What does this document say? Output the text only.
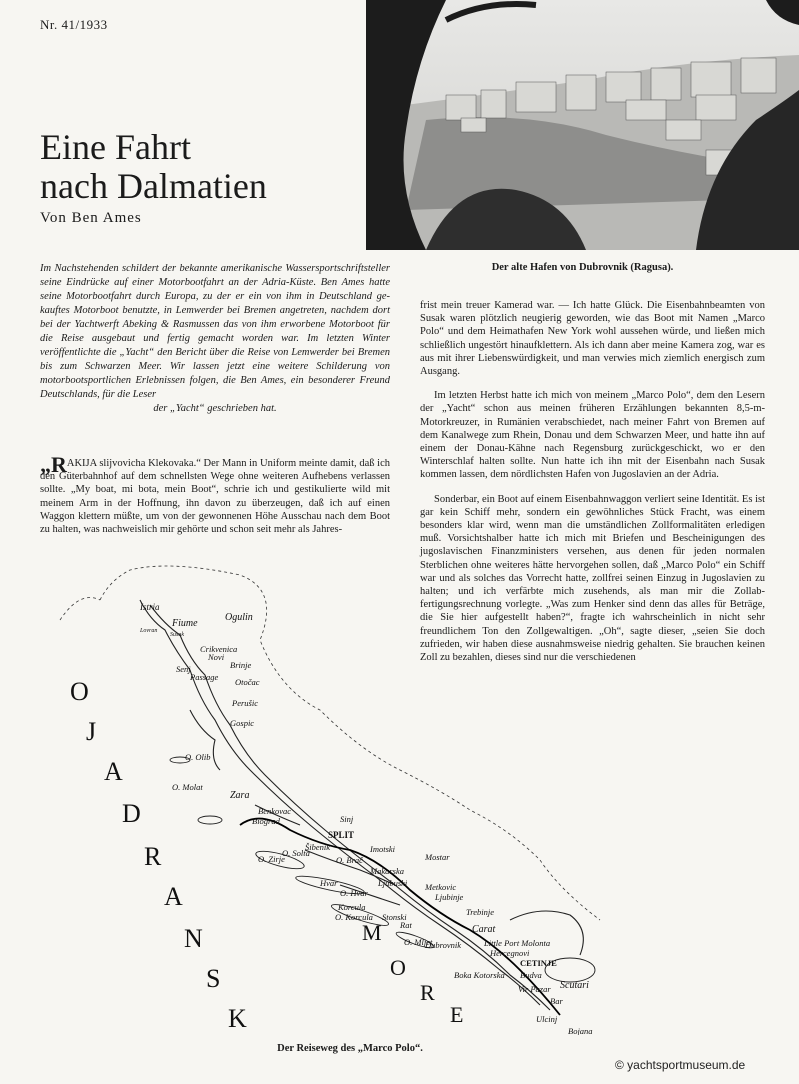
Nr. 41/1933
Eine Fahrt
nach Dalmatien
Von Ben Ames
Der alte Hafen von Dubrovnik (Ragusa).
Im Nachstehenden schildert der bekannte amerikanische Wassersportschriftsteller seine Eindrücke auf einer Motorbootfahrt an der Adria-Küste. Ben Ames hatte seine Motorbootfahrt durch Europa, zu der er ein von ihm in Deutschland gekauftes Motorboot benutzte, in Lemwerder bei Bremen angetreten, nachdem dort bei der Yachtwerft Abeking & Rasmussen das von ihm erworbene Motorboot für die Reise ausgebaut und fertig gemacht worden war. Im letzten Winter veröffentlichte die „Yacht“ den Bericht über die Reise von Lemwerder bei Bremen bis zum Schwarzen Meer. Wir lassen jetzt eine weitere Schilderung von motorbootsportlichen Erlebnissen folgen, die Ben Ames, ein besonderer Freund Deutschlands, für die Leser
der „Yacht“ geschrieben hat.
„RAKIJA slijvovicha Klekovaka.“ Der Mann in Uniform meinte damit, daß ich den Güterbahnhof auf dem schnellsten Wege ohne weiteren Aufhebens verlassen sollte. „My boat, mi bota, mein Boot“, schrie ich und gestikulierte wild mit meinem Arm in der Hoffnung, ihn davon zu überzeugen, daß ich auf einen Waggon klettern müßte, um von der gewonnenen Höhe Ausschau nach dem Boot zu halten, was nachweislich mir gehörte und schon seit mehr als Jahres-

frist mein treuer Kamerad war. — Ich hatte Glück. Die Eisenbahnbeamten von Susak waren plötzlich neugierig geworden, wie das Boot mit Namen „Marco Polo“ und dem Heimathafen New York wohl aussehen würde, und ließen mich schließlich ungestört hinaufklettern. Als ich dann aber meine Kamera zog, war es aus mit ihrer Liebenswürdigkeit, und man verwies mich ziemlich energisch zum Ausgang.

Im letzten Herbst hatte ich mich von meinem „Marco Polo“, dem den Lesern der „Yacht“ schon aus meinen früheren Erzählungen bekannten 8,5-m-Motorkreuzer, in Rumänien verabschiedet, nach meiner Fahrt von Bremen auf dem Kanalwege zum Rhein, Donau und dem Schwarzen Meer, und hatte ihn auf einem der Donau-Kähne nach Regensburg zurückgeschickt, wo er den Winterschlaf halten sollte. Nun hatte ich ihn mit der Eisenbahn nach Susak kommen lassen, dem nördlichsten Hafen von Jugoslavien an der Adria.

Sonderbar, ein Boot auf einem Eisenbahnwaggon verliert seine Identität. Es ist gar kein Schiff mehr, sondern ein gewöhnliches Stück Fracht, was einem besonders klar wird, wenn man die umständlichen Zollformalitäten erledigen muß. Vorsichtshalber hatte ich mich mit Briefen und Bescheinigungen des jugoslavischen Finanzministers versehen, aus denen für jeden normalen Sterblichen ohne weiteres hätte hervorgehen sollen, daß „Marco Polo“ ein Schiff war und als solches das Vorrecht hatte, zollfrei seinen Einzug in Jugoslavien zu halten; und ich verfärbte mich zusehends, als man mir die Zollabfertigungsrechnung vorlegte. „Was zum Henker sind denn das alles für Beträge, die Sie hier aufgestellt haben?“, fragte ich wahrscheinlich in nicht sehr freundlichem Ton den Zollgewaltigen. „Oh“, sagte dieser, „seien Sie doch zufrieden, wir haben diese ausnahmsweise niedrig gehalten. Sie brauchen keinen Zoll zu bezahlen, dieses sind nur die verschiedenen

J
A
D
R
A
N
S
K
O
M
O
R
E
Istria
Fiume
Lovran
Susak
Ogulin
Crikvenica
Novi
Brinje
Senj
Otočac
Passage
Perušic
Gospic
O. Olib
O. Molat
Zara
Benkovac
Biograd
Šibenik
O. Zirje
SPLIT
Sinj
Imotski
O. Solta
O. Brač
Makarska
Ljubuski
Mostar
Hvar
O. Hvar
Metkovic
Ljubinje
Korcula
O. Korcula Stonski
Rat
Trebinje
O. Mljet
Dubrovnik
Carat
Little Port Molonta
Hercegnovi
CETINJE
Boka Kotorska Budva
Vir Pazar Scutari
Bar
Ulcinj
Bojana
Der Reiseweg des „Marco Polo“.
© yachtsportmuseum.de
